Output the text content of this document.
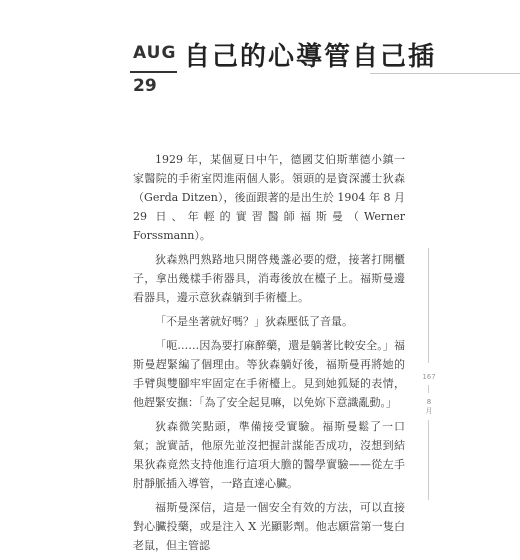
AUG
29
自己的心導管自己插

1929 年，某個夏日中午，德國艾伯斯華德小鎮一家醫院的手術室閃進兩個人影。領頭的是資深護士狄森（Gerda Ditzen），後面跟著的是出生於 1904 年 8 月 29 日、年輕的實習醫師福斯曼（Werner Forssmann）。

狄森熟門熟路地只開啓幾盞必要的燈，接著打開櫃子，拿出幾樣手術器具，消毒後放在檯子上。福斯曼邊看器具，邊示意狄森躺到手術檯上。

「不是坐著就好嗎？」狄森壓低了音量。

「呃……因為要打麻醉藥，還是躺著比較安全。」福斯曼趕緊編了個理由。等狄森躺好後，福斯曼再將她的手臂與雙腳牢牢固定在手術檯上。見到她狐疑的表情，他趕緊安撫：「為了安全起見嘛，以免妳下意識亂動。」

狄森微笑點頭，準備接受實驗。福斯曼鬆了一口氣；說實話，他原先並沒把握計謀能否成功，沒想到結果狄森竟然支持他進行這項大膽的醫學實驗——從左手肘靜脈插入導管，一路直達心臟。

福斯曼深信，這是一個安全有效的方法，可以直接對心臟投藥，或是注入 X 光顯影劑。他志願當第一隻白老鼠，但主管認

167
8
月
